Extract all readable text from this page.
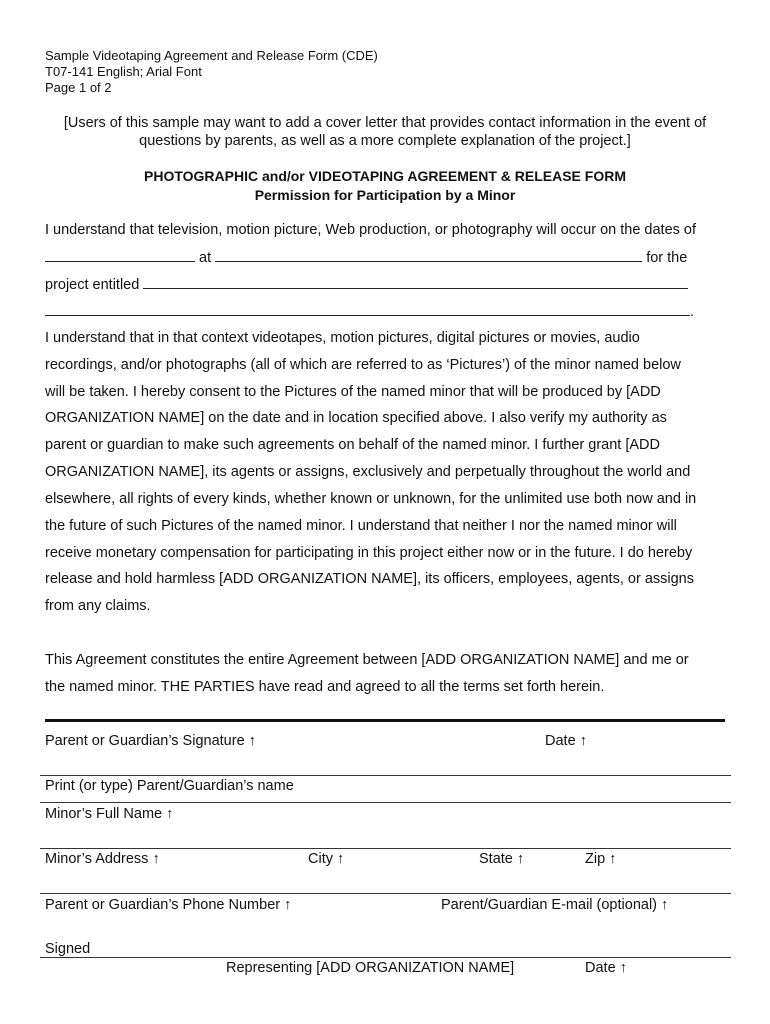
Sample Videotaping Agreement and Release Form (CDE)
T07-141 English; Arial Font
Page 1 of 2
[Users of this sample may want to add a cover letter that provides contact information in the event of questions by parents, as well as a more complete explanation of the project.]
PHOTOGRAPHIC and/or VIDEOTAPING AGREEMENT & RELEASE FORM
Permission for Participation by a Minor
I understand that television, motion picture, Web production, or photography will occur on the dates of
at	for the
project entitled
.
I understand that in that context videotapes, motion pictures, digital pictures or movies, audio
recordings, and/or photographs (all of which are referred to as ‘Pictures’) of the minor named below
will be taken. I hereby consent to the Pictures of the named minor that will be produced by [ADD
ORGANIZATION NAME] on the date and in location specified above. I also verify my authority as
parent or guardian to make such agreements on behalf of the named minor. I further grant [ADD
ORGANIZATION NAME], its agents or assigns, exclusively and perpetually throughout the world and
elsewhere, all rights of every kinds, whether known or unknown, for the unlimited use both now and in
the future of such Pictures of the named minor. I understand that neither I nor the named minor will
receive monetary compensation for participating in this project either now or in the future. I do hereby
release and hold harmless [ADD ORGANIZATION NAME], its officers, employees, agents, or assigns
from any claims.
This Agreement constitutes the entire Agreement between [ADD ORGANIZATION NAME] and me or
the named minor. THE PARTIES have read and agreed to all the terms set forth herein.
Parent or Guardian’s Signature ↑	Date ↑
Print (or type) Parent/Guardian’s name
Minor’s Full Name ↑
Minor’s Address ↑	City ↑	State ↑	Zip ↑
Parent or Guardian’s Phone Number ↑	Parent/Guardian E-mail (optional) ↑
Signed
Representing [ADD ORGANIZATION NAME]	Date ↑
